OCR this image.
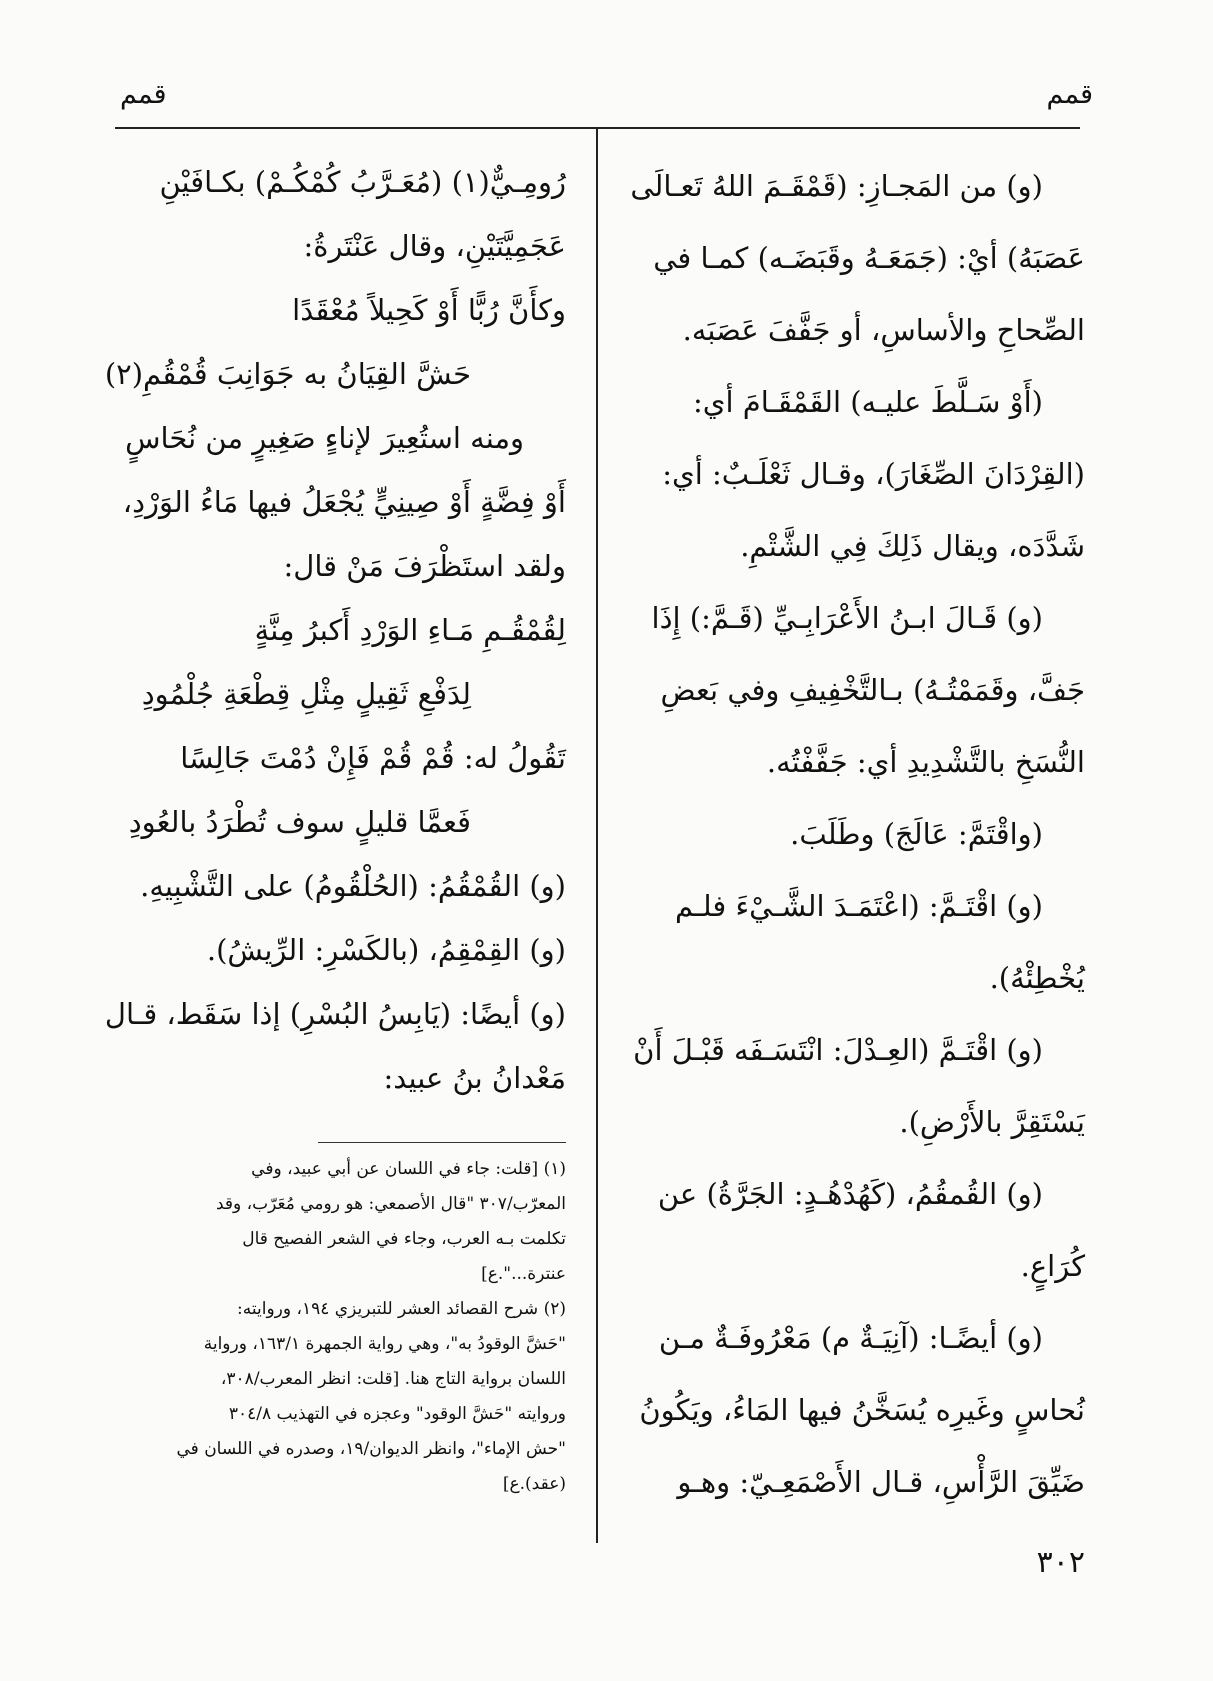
قمم
قمم
(و) من المَجـازِ: (قَمْقَـمَ اللهُ تَعـالَى
عَصَبَهُ) أيْ: (جَمَعَـهُ وقَبَضَـه) كمـا في
الصِّحاحِ والأساسِ، أو جَفَّفَ عَصَبَه.
(أَوْ سَـلَّطَ عليـه) القَمْقَـامَ أي:
(القِرْدَانَ الصِّغَارَ)، وقـال ثَعْلَـبٌ: أي:
شَدَّدَه، ويقال ذَلِكَ فِي الشَّتْمِ.
(و) قَـالَ ابـنُ الأَعْرَابِـيِّ (قَـمَّ:) إِذَا
جَفَّ، وقَمَمْتُـهُ) بـالتَّخْفِيفِ وفي بَعضِ
النُّسَخِ بالتَّشْدِيدِ أي: جَفَّفْتُه.
(واقْتَمَّ: عَالَجَ) وطَلَبَ.
(و) اقْتَـمَّ: (اعْتَمَـدَ الشَّـيْءَ فلـم
يُخْطِئْهُ).
(و) اقْتَـمَّ (العِـدْلَ: انْتَسَـفَه قَبْـلَ أَنْ
يَسْتَقِرَّ بالأَرْضِ).
(و) القُمقُمُ، (كَهُدْهُـدٍ: الجَرَّةُ) عن
كُرَاعٍ.
(و) أيضًـا: (آنِيَـةٌ م) مَعْرُوفَـةٌ مـن
نُحاسٍ وغَيرِه يُسَخَّنُ فيها المَاءُ، ويَكُونُ
ضَيِّقَ الرَّأْسِ، قـال الأَصْمَعِـيّ: وهـو
رُومِـيٌّ(١) (مُعَـرَّبُ كُمْكُـمْ) بكـافَيْنِ
عَجَمِيَّتَيْنِ، وقال عَنْتَرةُ:
وكأَنَّ رُبًّا أَوْ كَحِيلاً مُعْقَدًا
حَشَّ القِيَانُ به جَوَانِبَ قُمْقُمِ(٢)
ومنه استُعِيرَ لإناءٍ صَغِيرٍ من نُحَاسٍ
أَوْ فِضَّةٍ أَوْ صِينِيٍّ يُجْعَلُ فيها مَاءُ الوَرْدِ،
ولقد استَظْرَفَ مَنْ قال:
لِقُمْقُـمِ مَـاءِ الوَرْدِ أَكبرُ مِنَّةٍ
لِدَفْعِ ثَقِيلٍ مِثْلِ قِطْعَةِ جُلْمُودِ
تَقُولُ له: قُمْ قُمْ فَإِنْ دُمْتَ جَالِسًا
فَعمَّا قليلٍ سوف تُطْرَدُ بالعُودِ
(و) القُمْقُمُ: (الحُلْقُومُ) على التَّشْبِيهِ.
(و) القِمْقِمُ، (بالكَسْرِ: الرِّيشُ).
(و) أيضًا: (يَابِسُ البُسْرِ) إذا سَقَط، قـال
مَعْدانُ بنُ عبيد:
(١) [قلت: جاء في اللسان عن أبي عبيد، وفي
المعرّب/٣٠٧ "قال الأصمعي: هو رومي مُعَرّب، وقد
تكلمت بـه العرب، وجاء في الشعر الفصيح قال
عنترة...".ع]
(٢) شرح القصائد العشر للتبريزي ١٩٤، وروايته:
"حَشَّ الوقودُ به"، وهي رواية الجمهرة ١٦٣/١، ورواية
اللسان برواية التاج هنا. [قلت: انظر المعرب/٣٠٨،
وروايته "حَشَّ الوقود" وعجزه في التهذيب ٣٠٤/٨
"حش الإماء"، وانظر الديوان/١٩، وصدره في اللسان في
(عقد).ع]
٣٠٢
